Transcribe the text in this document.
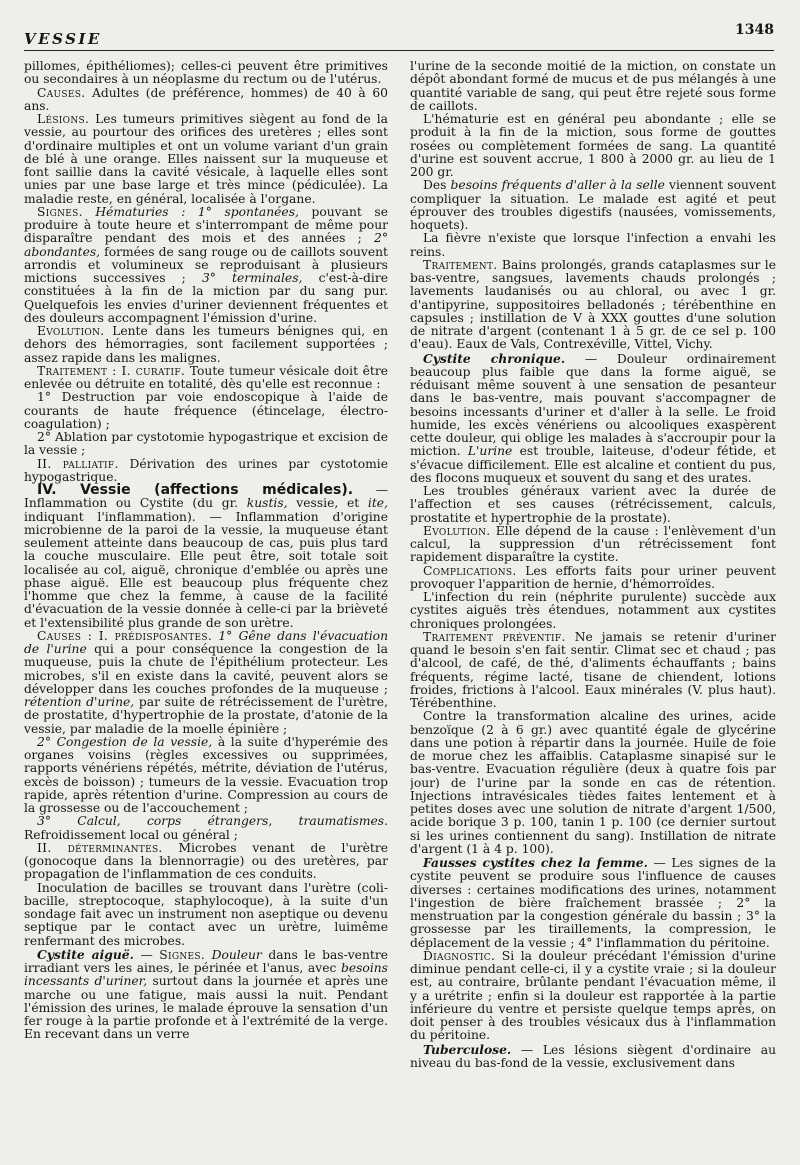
VESSIE	1348

pillomes, épithéliomes); celles-ci peuvent être primitives ou secondaires à un néoplasme du rectum ou de l'utérus.

Causes. Adultes (de préférence, hommes) de 40 à 60 ans.

Lésions. Les tumeurs primitives siègent au fond de la vessie, au pourtour des orifices des uretères ; elles sont d'ordinaire multiples et ont un volume variant d'un grain de blé à une orange. Elles naissent sur la muqueuse et font saillie dans la cavité vésicale, à laquelle elles sont unies par une base large et très mince (pédiculée). La maladie reste, en général, localisée à l'organe.

Signes. Hématuries : 1° spontanées, pouvant se produire à toute heure et s'interrompant de même pour disparaître pendant des mois et des années ; 2° abondantes, formées de sang rouge ou de caillots souvent arrondis et volumineux se reproduisant à plusieurs mictions successives ; 3° terminales, c'est-à-dire constituées à la fin de la miction par du sang pur. Quelquefois les envies d'uriner deviennent fréquentes et des douleurs accompagnent l'émission d'urine.

Evolution. Lente dans les tumeurs bénignes qui, en dehors des hémorragies, sont facilement supportées ; assez rapide dans les malignes.

Traitement : I. curatif. Toute tumeur vésicale doit être enlevée ou détruite en totalité, dès qu'elle est reconnue :

1° Destruction par voie endoscopique à l'aide de courants de haute fréquence (étincelage, électro-coagulation) ;

2° Ablation par cystotomie hypogastrique et excision de la vessie ;

II. palliatif. Dérivation des urines par cystotomie hypogastrique.

IV. Vessie (affections médicales). — Inflammation ou Cystite (du gr. kustis, vessie, et ite, indiquant l'inflammation). — Inflammation d'origine microbienne de la paroi de la vessie, la muqueuse étant seulement atteinte dans beaucoup de cas, puis plus tard la couche musculaire. Elle peut être, soit totale soit localisée au col, aiguë, chronique d'emblée ou après une phase aiguë. Elle est beaucoup plus fréquente chez l'homme que chez la femme, à cause de la facilité d'évacuation de la vessie donnée à celle-ci par la brièveté et l'extensibilité plus grande de son urètre.

Causes : I. prédisposantes. 1° Gêne dans l'évacuation de l'urine qui a pour conséquence la congestion de la muqueuse, puis la chute de l'épithélium protecteur. Les microbes, s'il en existe dans la cavité, peuvent alors se développer dans les couches profondes de la muqueuse ; rétention d'urine, par suite de rétrécissement de l'urètre, de prostatite, d'hypertrophie de la prostate, d'atonie de la vessie, par maladie de la moelle épinière ;

2° Congestion de la vessie, à la suite d'hyperémie des organes voisins (règles excessives ou supprimées, rapports vénériens répétés, métrite, déviation de l'utérus, excès de boisson) ; tumeurs de la vessie. Evacuation trop rapide, après rétention d'urine. Compression au cours de la grossesse ou de l'accouchement ;

3° Calcul, corps étrangers, traumatismes. Refroidissement local ou général ;

II. déterminantes. Microbes venant de l'urètre (gonocoque dans la blennorragie) ou des uretères, par propagation de l'inflammation de ces conduits.

Inoculation de bacilles se trouvant dans l'urètre (coli-bacille, streptocoque, staphylocoque), à la suite d'un sondage fait avec un instrument non aseptique ou devenu septique par le contact avec un urètre, luimême renfermant des microbes.

Cystite aiguë. — Signes. Douleur dans le bas-ventre irradiant vers les aines, le périnée et l'anus, avec besoins incessants d'uriner, surtout dans la journée et après une marche ou une fatigue, mais aussi la nuit. Pendant l'émission des urines, le malade éprouve la sensation d'un fer rouge à la partie profonde et à l'extrémité de la verge. En recevant dans un verre

l'urine de la seconde moitié de la miction, on constate un dépôt abondant formé de mucus et de pus mélangés à une quantité variable de sang, qui peut être rejeté sous forme de caillots.

L'hématurie est en général peu abondante ; elle se produit à la fin de la miction, sous forme de gouttes rosées ou complètement formées de sang. La quantité d'urine est souvent accrue, 1 800 à 2000 gr. au lieu de 1 200 gr.

Des besoins fréquents d'aller à la selle viennent souvent compliquer la situation. Le malade est agité et peut éprouver des troubles digestifs (nausées, vomissements, hoquets).

La fièvre n'existe que lorsque l'infection a envahi les reins.

Traitement. Bains prolongés, grands cataplasmes sur le bas-ventre, sangsues, lavements chauds prolongés ; lavements laudanisés ou au chloral, ou avec 1 gr. d'antipyrine, suppositoires belladonés ; térébenthine en capsules ; instillation de V à XXX gouttes d'une solution de nitrate d'argent (contenant 1 à 5 gr. de ce sel p. 100 d'eau). Eaux de Vals, Contrexéville, Vittel, Vichy.

Cystite chronique. — Douleur ordinairement beaucoup plus faible que dans la forme aiguë, se réduisant même souvent à une sensation de pesanteur dans le bas-ventre, mais pouvant s'accompagner de besoins incessants d'uriner et d'aller à la selle. Le froid humide, les excès vénériens ou alcooliques exaspèrent cette douleur, qui oblige les malades à s'accroupir pour la miction. L'urine est trouble, laiteuse, d'odeur fétide, et s'évacue difficilement. Elle est alcaline et contient du pus, des flocons muqueux et souvent du sang et des urates.

Les troubles généraux varient avec la durée de l'affection et ses causes (rétrécissement, calculs, prostatite et hypertrophie de la prostate).

Evolution. Elle dépend de la cause : l'enlèvement d'un calcul, la suppression d'un rétrécissement font rapidement disparaître la cystite.

Complications. Les efforts faits pour uriner peuvent provoquer l'apparition de hernie, d'hémorroïdes.

L'infection du rein (néphrite purulente) succède aux cystites aiguës très étendues, notamment aux cystites chroniques prolongées.

Traitement préventif. Ne jamais se retenir d'uriner quand le besoin s'en fait sentir. Climat sec et chaud ; pas d'alcool, de café, de thé, d'aliments échauffants ; bains fréquents, régime lacté, tisane de chiendent, lotions froides, frictions à l'alcool. Eaux minérales (V. plus haut). Térébenthine.

Contre la transformation alcaline des urines, acide benzoïque (2 à 6 gr.) avec quantité égale de glycérine dans une potion à répartir dans la journée. Huile de foie de morue chez les affaiblis. Cataplasme sinapisé sur le bas-ventre. Evacuation régulière (deux à quatre fois par jour) de l'urine par la sonde en cas de rétention. Injections intravésicales tièdes faites lentement et à petites doses avec une solution de nitrate d'argent 1/500, acide borique 3 p. 100, tanin 1 p. 100 (ce dernier surtout si les urines contiennent du sang). Instillation de nitrate d'argent (1 à 4 p. 100).

Fausses cystites chez la femme. — Les signes de la cystite peuvent se produire sous l'influence de causes diverses : certaines modifications des urines, notamment l'ingestion de bière fraîchement brassée ; 2° la menstruation par la congestion générale du bassin ; 3° la grossesse par les tiraillements, la compression, le déplacement de la vessie ; 4° l'inflammation du péritoine.

Diagnostic. Si la douleur précédant l'émission d'urine diminue pendant celle-ci, il y a cystite vraie ; si la douleur est, au contraire, brûlante pendant l'évacuation même, il y a urétrite ; enfin si la douleur est rapportée à la partie inférieure du ventre et persiste quelque temps après, on doit penser à des troubles vésicaux dus à l'inflammation du péritoine.

Tuberculose. — Les lésions siègent d'ordinaire au niveau du bas-fond de la vessie, exclusivement dans
